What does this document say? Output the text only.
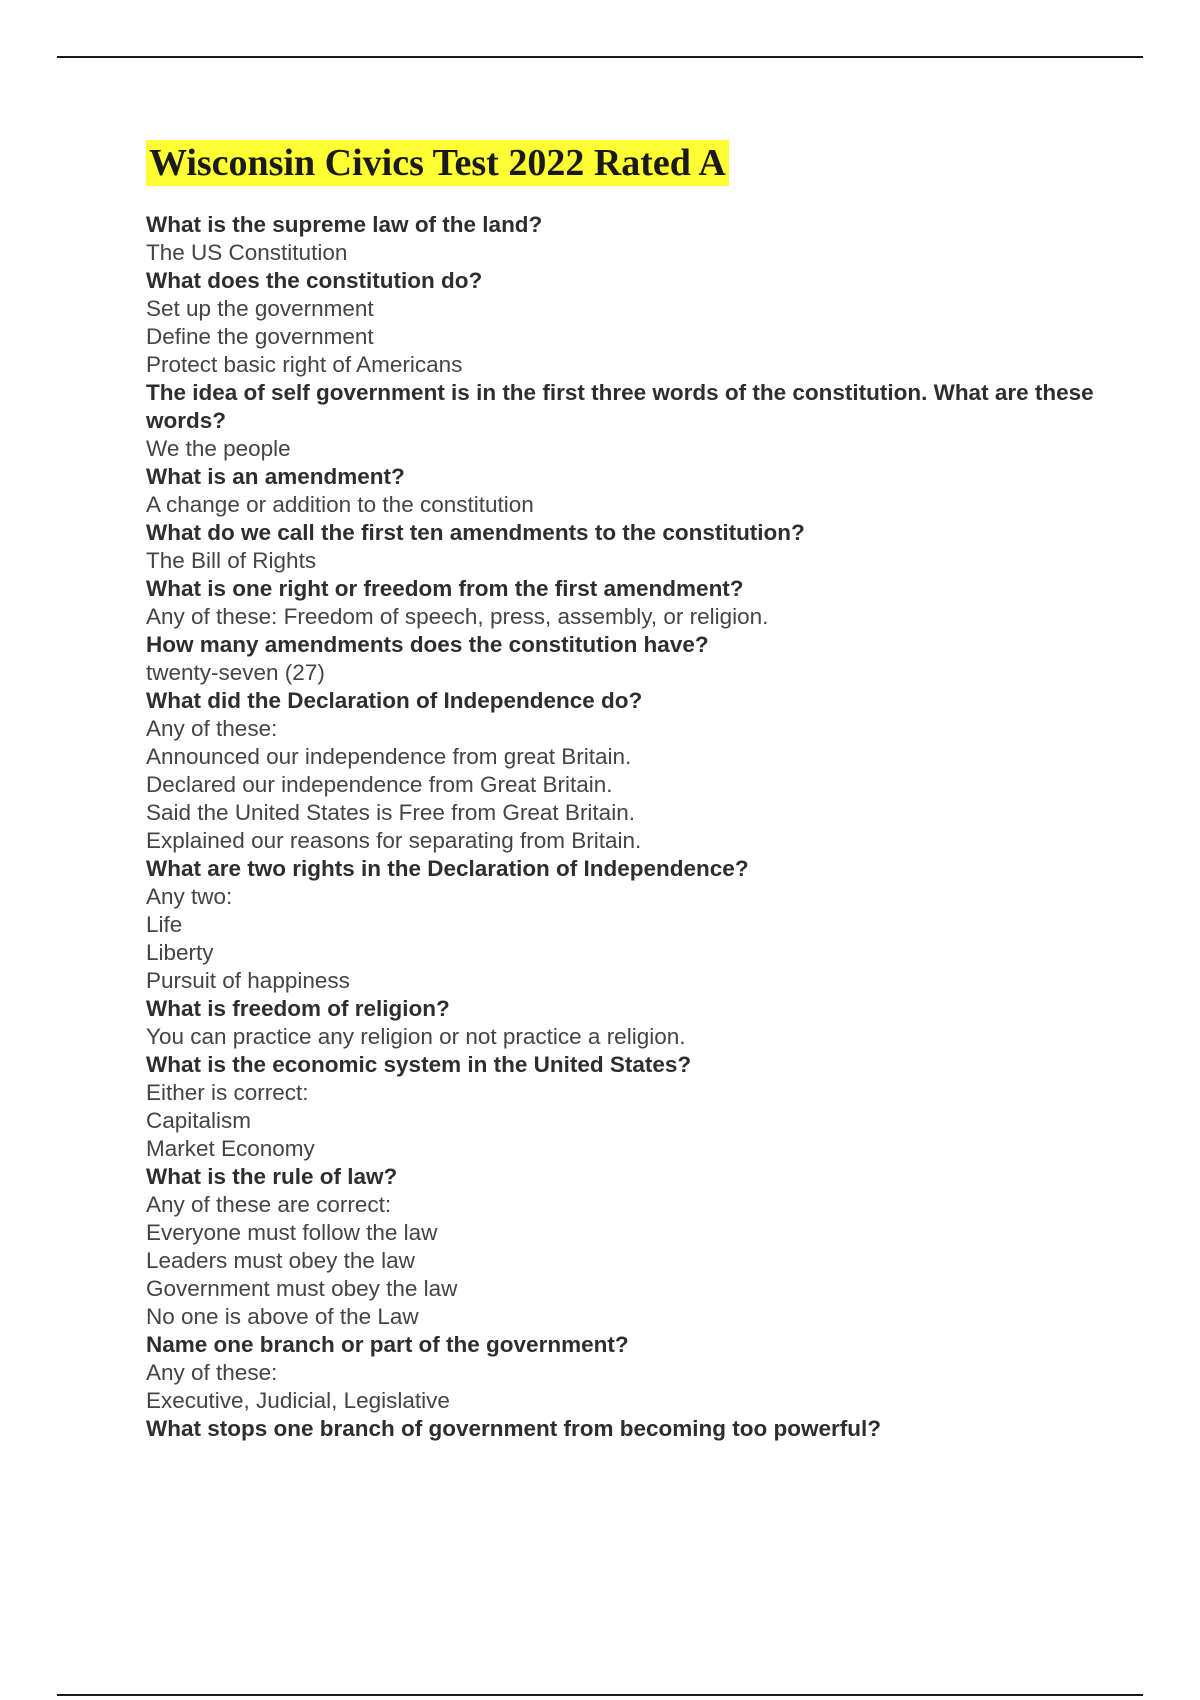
Wisconsin Civics Test 2022 Rated A
What is the supreme law of the land?
The US Constitution
What does the constitution do?
Set up the government
Define the government
Protect basic right of Americans
The idea of self government is in the first three words of the constitution. What are these words?
We the people
What is an amendment?
A change or addition to the constitution
What do we call the first ten amendments to the constitution?
The Bill of Rights
What is one right or freedom from the first amendment?
Any of these: Freedom of speech, press, assembly, or religion.
How many amendments does the constitution have?
twenty-seven (27)
What did the Declaration of Independence do?
Any of these:
Announced our independence from great Britain.
Declared our independence from Great Britain.
Said the United States is Free from Great Britain.
Explained our reasons for separating from Britain.
What are two rights in the Declaration of Independence?
Any two:
Life
Liberty
Pursuit of happiness
What is freedom of religion?
You can practice any religion or not practice a religion.
What is the economic system in the United States?
Either is correct:
Capitalism
Market Economy
What is the rule of law?
Any of these are correct:
Everyone must follow the law
Leaders must obey the law
Government must obey the law
No one is above of the Law
Name one branch or part of the government?
Any of these:
Executive, Judicial, Legislative
What stops one branch of government from becoming too powerful?
